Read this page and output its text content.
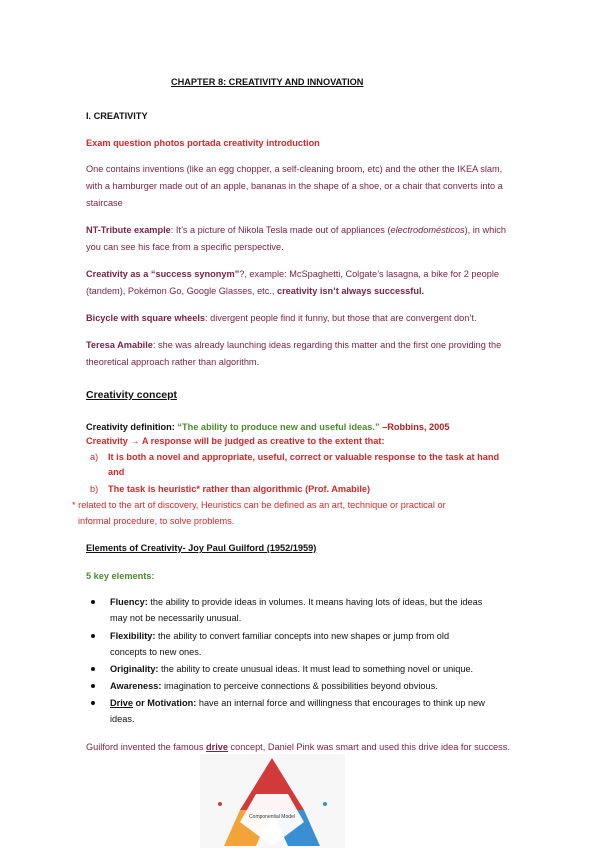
CHAPTER 8: CREATIVITY AND INNOVATION
I. CREATIVITY
Exam question photos portada creativity introduction
One contains inventions (like an egg chopper, a self-cleaning broom, etc) and the other the IKEA slam,
with a hamburger made out of an apple, bananas in the shape of a shoe, or a chair that converts into a
staircase
NT-Tribute example: It’s a picture of Nikola Tesla made out of appliances (electrodomésticos), in which
you can see his face from a specific perspective.
Creativity as a “success synonym”?, example: McSpaghetti, Colgate’s lasagna, a bike for 2 people
(tandem), Pokémon Go, Google Glasses, etc., creativity isn’t always successful.
Bicycle with square wheels: divergent people find it funny, but those that are convergent don’t.
Teresa Amabile: she was already launching ideas regarding this matter and the first one providing the
theoretical approach rather than algorithm.
Creativity concept
Creativity definition: “The ability to produce new and useful ideas.” –Robbins, 2005
Creativity → A response will be judged as creative to the extent that:
a) It is both a novel and appropriate, useful, correct or valuable response to the task at hand
and
b) The task is heuristic* rather than algorithmic (Prof. Amabile)
* related to the art of discovery, Heuristics can be defined as an art, technique or practical or
informal procedure, to solve problems.
Elements of Creativity- Joy Paul Guilford (1952/1959)
5 key elements:
Fluency: the ability to provide ideas in volumes. It means having lots of ideas, but the ideas
may not be necessarily unusual.
Flexibility: the ability to convert familiar concepts into new shapes or jump from old
concepts to new ones.
Originality: the ability to create unusual ideas. It must lead to something novel or unique.
Awareness: imagination to perceive connections & possibilities beyond obvious.
Drive or Motivation: have an internal force and willingness that encourages to think up new
ideas.
Guilford invented the famous drive concept, Daniel Pink was smart and used this drive idea for success.
Componential Model
